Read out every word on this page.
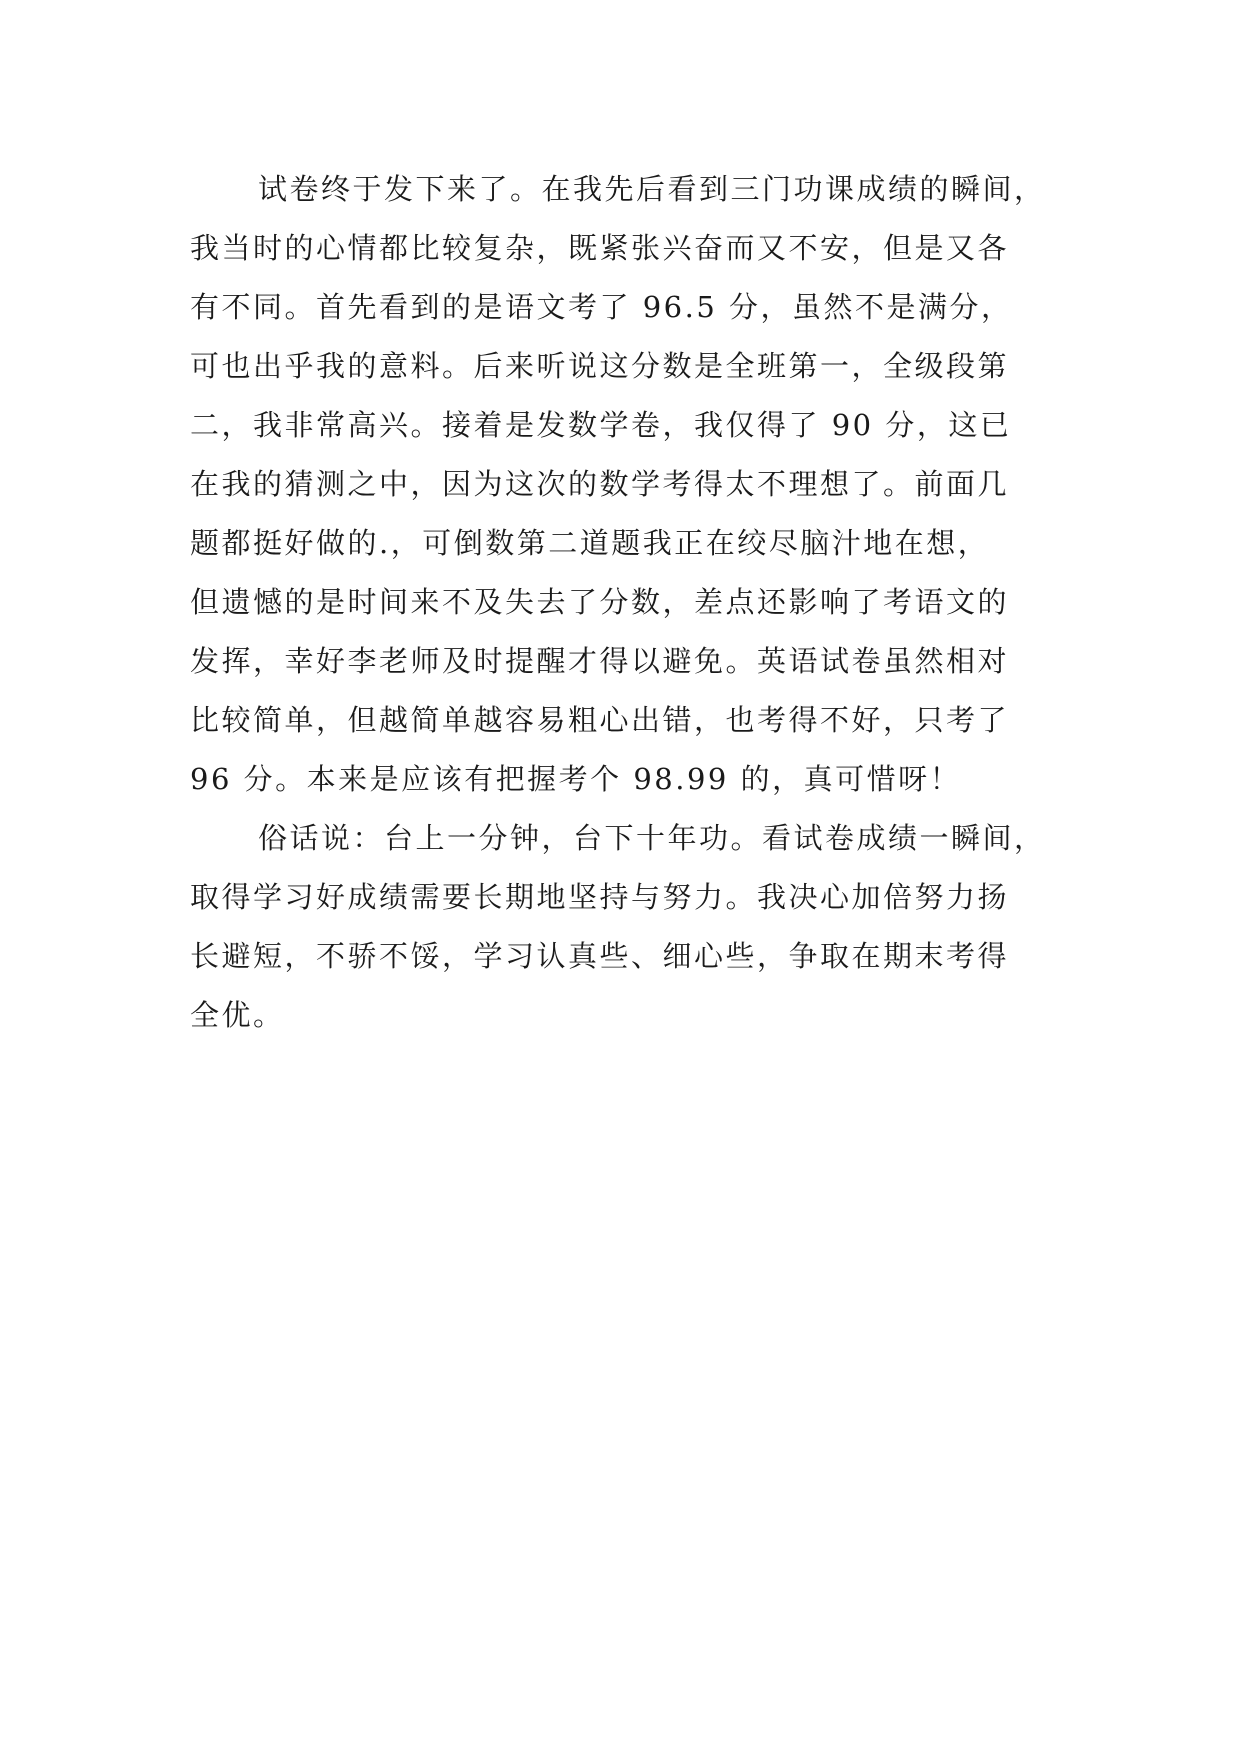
试卷终于发下来了。在我先后看到三门功课成绩的瞬间，
我当时的心情都比较复杂，既紧张兴奋而又不安，但是又各
有不同。首先看到的是语文考了 96.5 分，虽然不是满分，
可也出乎我的意料。后来听说这分数是全班第一，全级段第
二，我非常高兴。接着是发数学卷，我仅得了 90 分，这已
在我的猜测之中，因为这次的数学考得太不理想了。前面几
题都挺好做的.，可倒数第二道题我正在绞尽脑汁地在想，
但遗憾的是时间来不及失去了分数，差点还影响了考语文的
发挥，幸好李老师及时提醒才得以避免。英语试卷虽然相对
比较简单，但越简单越容易粗心出错，也考得不好，只考了
96 分。本来是应该有把握考个 98.99 的，真可惜呀！
俗话说：台上一分钟，台下十年功。看试卷成绩一瞬间，
取得学习好成绩需要长期地坚持与努力。我决心加倍努力扬
长避短，不骄不馁，学习认真些、细心些，争取在期末考得
全优。
